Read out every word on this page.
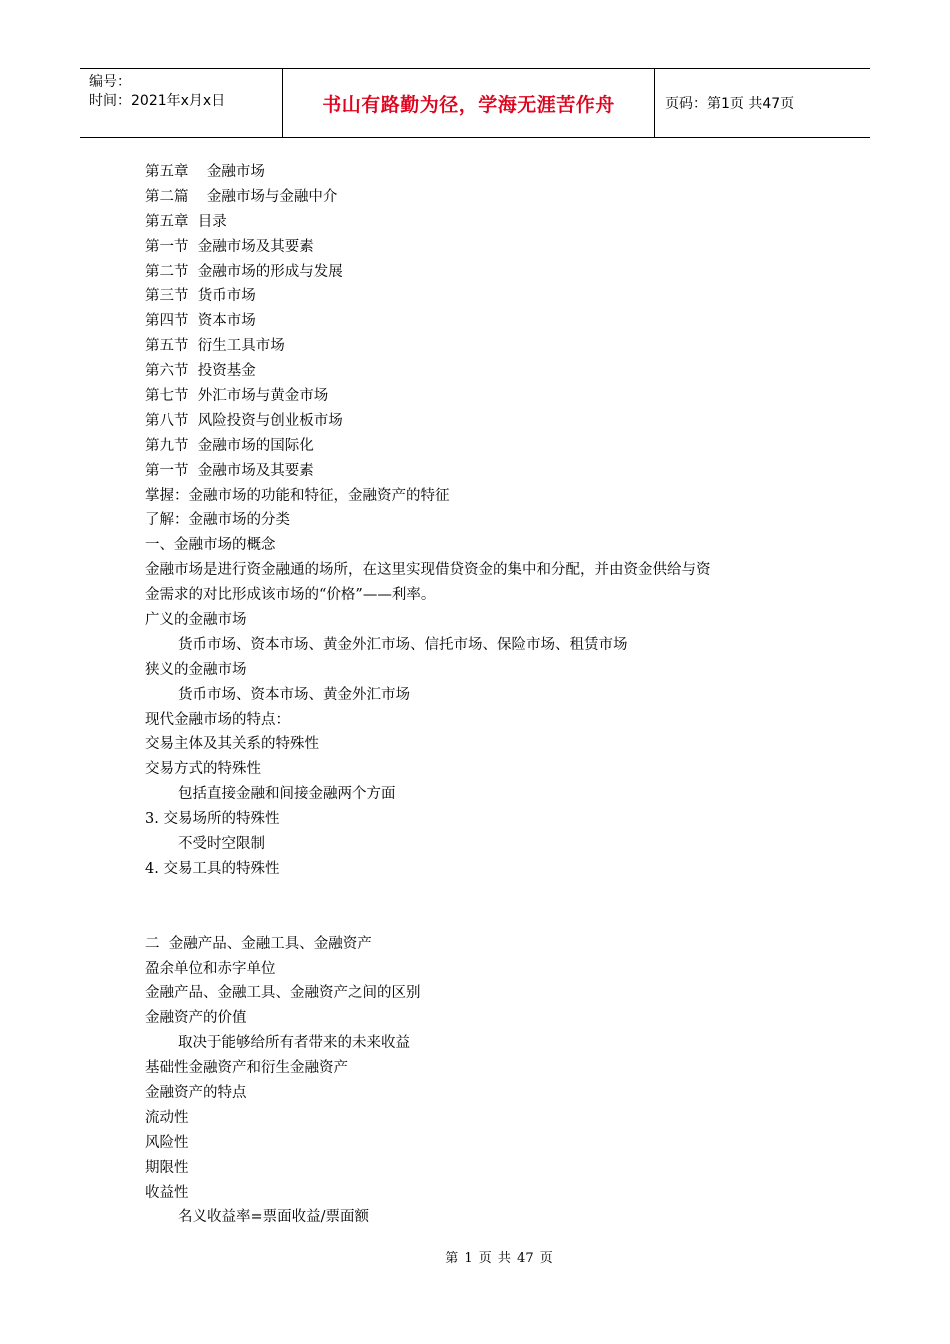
编号：
时间：2021年x月x日	书山有路勤为径，学海无涯苦作舟	页码：第1页 共47页
第五章    金融市场
第二篇    金融市场与金融中介
第五章  目录
第一节  金融市场及其要素
第二节  金融市场的形成与发展
第三节  货币市场
第四节  资本市场
第五节  衍生工具市场
第六节  投资基金
第七节  外汇市场与黄金市场
第八节  风险投资与创业板市场
第九节  金融市场的国际化
第一节  金融市场及其要素
掌握：金融市场的功能和特征，金融资产的特征
了解：金融市场的分类
一、金融市场的概念
金融市场是进行资金融通的场所，在这里实现借贷资金的集中和分配，并由资金供给与资
金需求的对比形成该市场的“价格”——利率。
广义的金融市场
货币市场、资本市场、黄金外汇市场、信托市场、保险市场、租赁市场
狭义的金融市场
货币市场、资本市场、黄金外汇市场
现代金融市场的特点：
交易主体及其关系的特殊性
交易方式的特殊性
包括直接金融和间接金融两个方面
3. 交易场所的特殊性
不受时空限制
4. 交易工具的特殊性
二  金融产品、金融工具、金融资产
盈余单位和赤字单位
金融产品、金融工具、金融资产之间的区别
金融资产的价值
取决于能够给所有者带来的未来收益
基础性金融资产和衍生金融资产
金融资产的特点
流动性
风险性
期限性
收益性
名义收益率=票面收益/票面额
第 1 页 共 47 页
